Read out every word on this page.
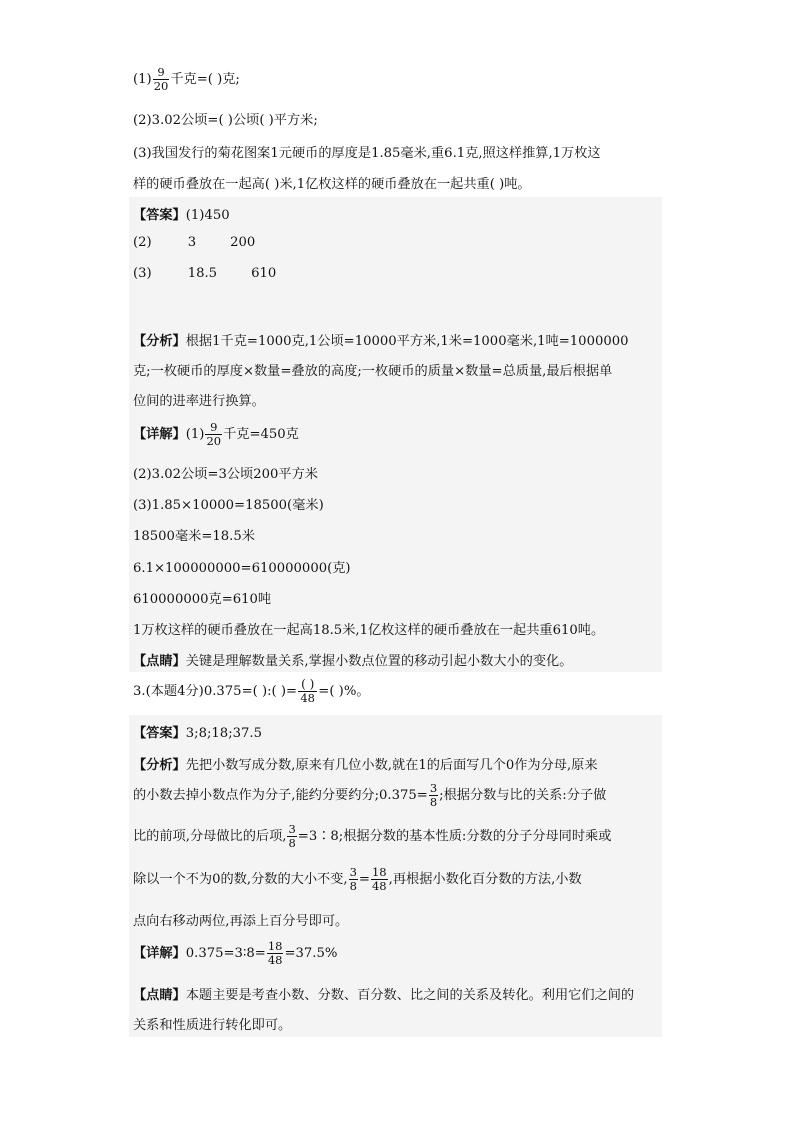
$(1) \frac{9}{20}$ 千克=( )克;
(2)3.02公顷=( )公顷( )平方米;
(3)我国发行的菊花图案1元硬币的厚度是1.85毫米,重6.1克,照这样推算,1万枚这
样的硬币叠放在一起高( )米,1亿枚这样的硬币叠放在一起共重( )吨。
【答案】(1)450
(2)	3	200
(3)	18.5	610
【分析】根据1千克=1000克,1公顷=10000平方米,1米=1000毫米,1吨=1000000
克;一枚硬币的厚度×数量=叠放的高度;一枚硬币的质量×数量=总质量,最后根据单
位间的进率进行换算。
【详解】$(1) \frac{9}{20}$ 千克=450克
(2)3.02公顷=3公顷200平方米
(3)1.85×10000=18500(毫米)
18500毫米=18.5米
6.1×100000000=610000000(克)
610000000克=610吨
1万枚这样的硬币叠放在一起高18.5米,1亿枚这样的硬币叠放在一起共重610吨。
【点睛】关键是理解数量关系,掌握小数点位置的移动引起小数大小的变化。
3.(本题4分)0.375=( ):( )= $\frac{( )}{48}$ =( )%。
【答案】3;8;18;37.5
【分析】先把小数写成分数,原来有几位小数,就在1的后面写几个0作为分母,原来
的小数去掉小数点作为分子,能约分要约分;0.375= $\frac{3}{8}$ ;根据分数与比的关系:分子做
比的前项,分母做比的后项, $\frac{3}{8}$ =3∶8;根据分数的基本性质:分数的分子分母同时乘或
除以一个不为0的数,分数的大小不变, $\frac{3}{8} = \frac{18}{48}$ ,再根据小数化百分数的方法,小数
点向右移动两位,再添上百分号即可。
【详解】0.375=3∶8= $\frac{18}{48} =37.5\%$
【点睛】本题主要是考查小数、分数、百分数、比之间的关系及转化。利用它们之间的
关系和性质进行转化即可。
